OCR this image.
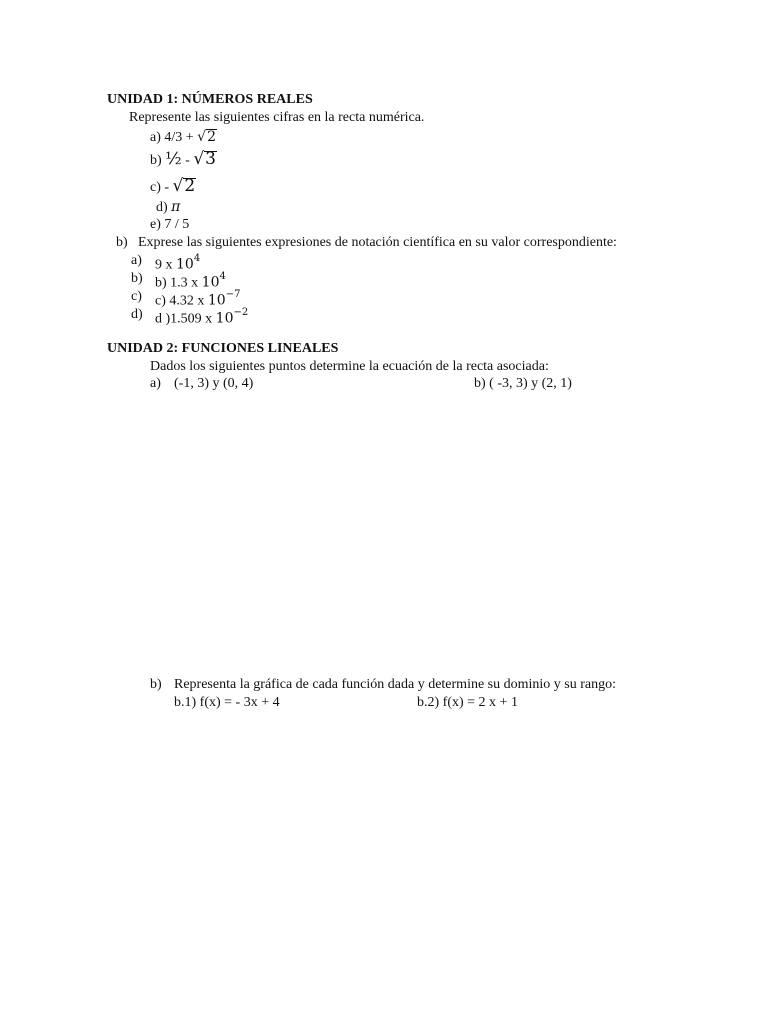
UNIDAD 1: NÚMEROS REALES
Represente las siguientes cifras en la recta numérica.
a) 4/3 + √2
b) ½ - √3
c) - √2
d) π
e) 7 / 5
b) Exprese las siguientes expresiones de notación científica en su valor correspondiente:
a) 9 x $10^4$
b) b) 1.3 x $10^4$
c) c) 4.32 x $10^{-7}$
d) d )1.509 x $10^{-2}$
UNIDAD 2: FUNCIONES LINEALES
Dados los siguientes puntos determine la ecuación de la recta asociada:
a) (-1, 3) y (0, 4)	b) ( -3, 3) y (2, 1)
b) Representa la gráfica de cada función dada y determine su dominio y su rango:
b.1) f(x) = - 3x + 4	b.2) f(x) = 2 x + 1
